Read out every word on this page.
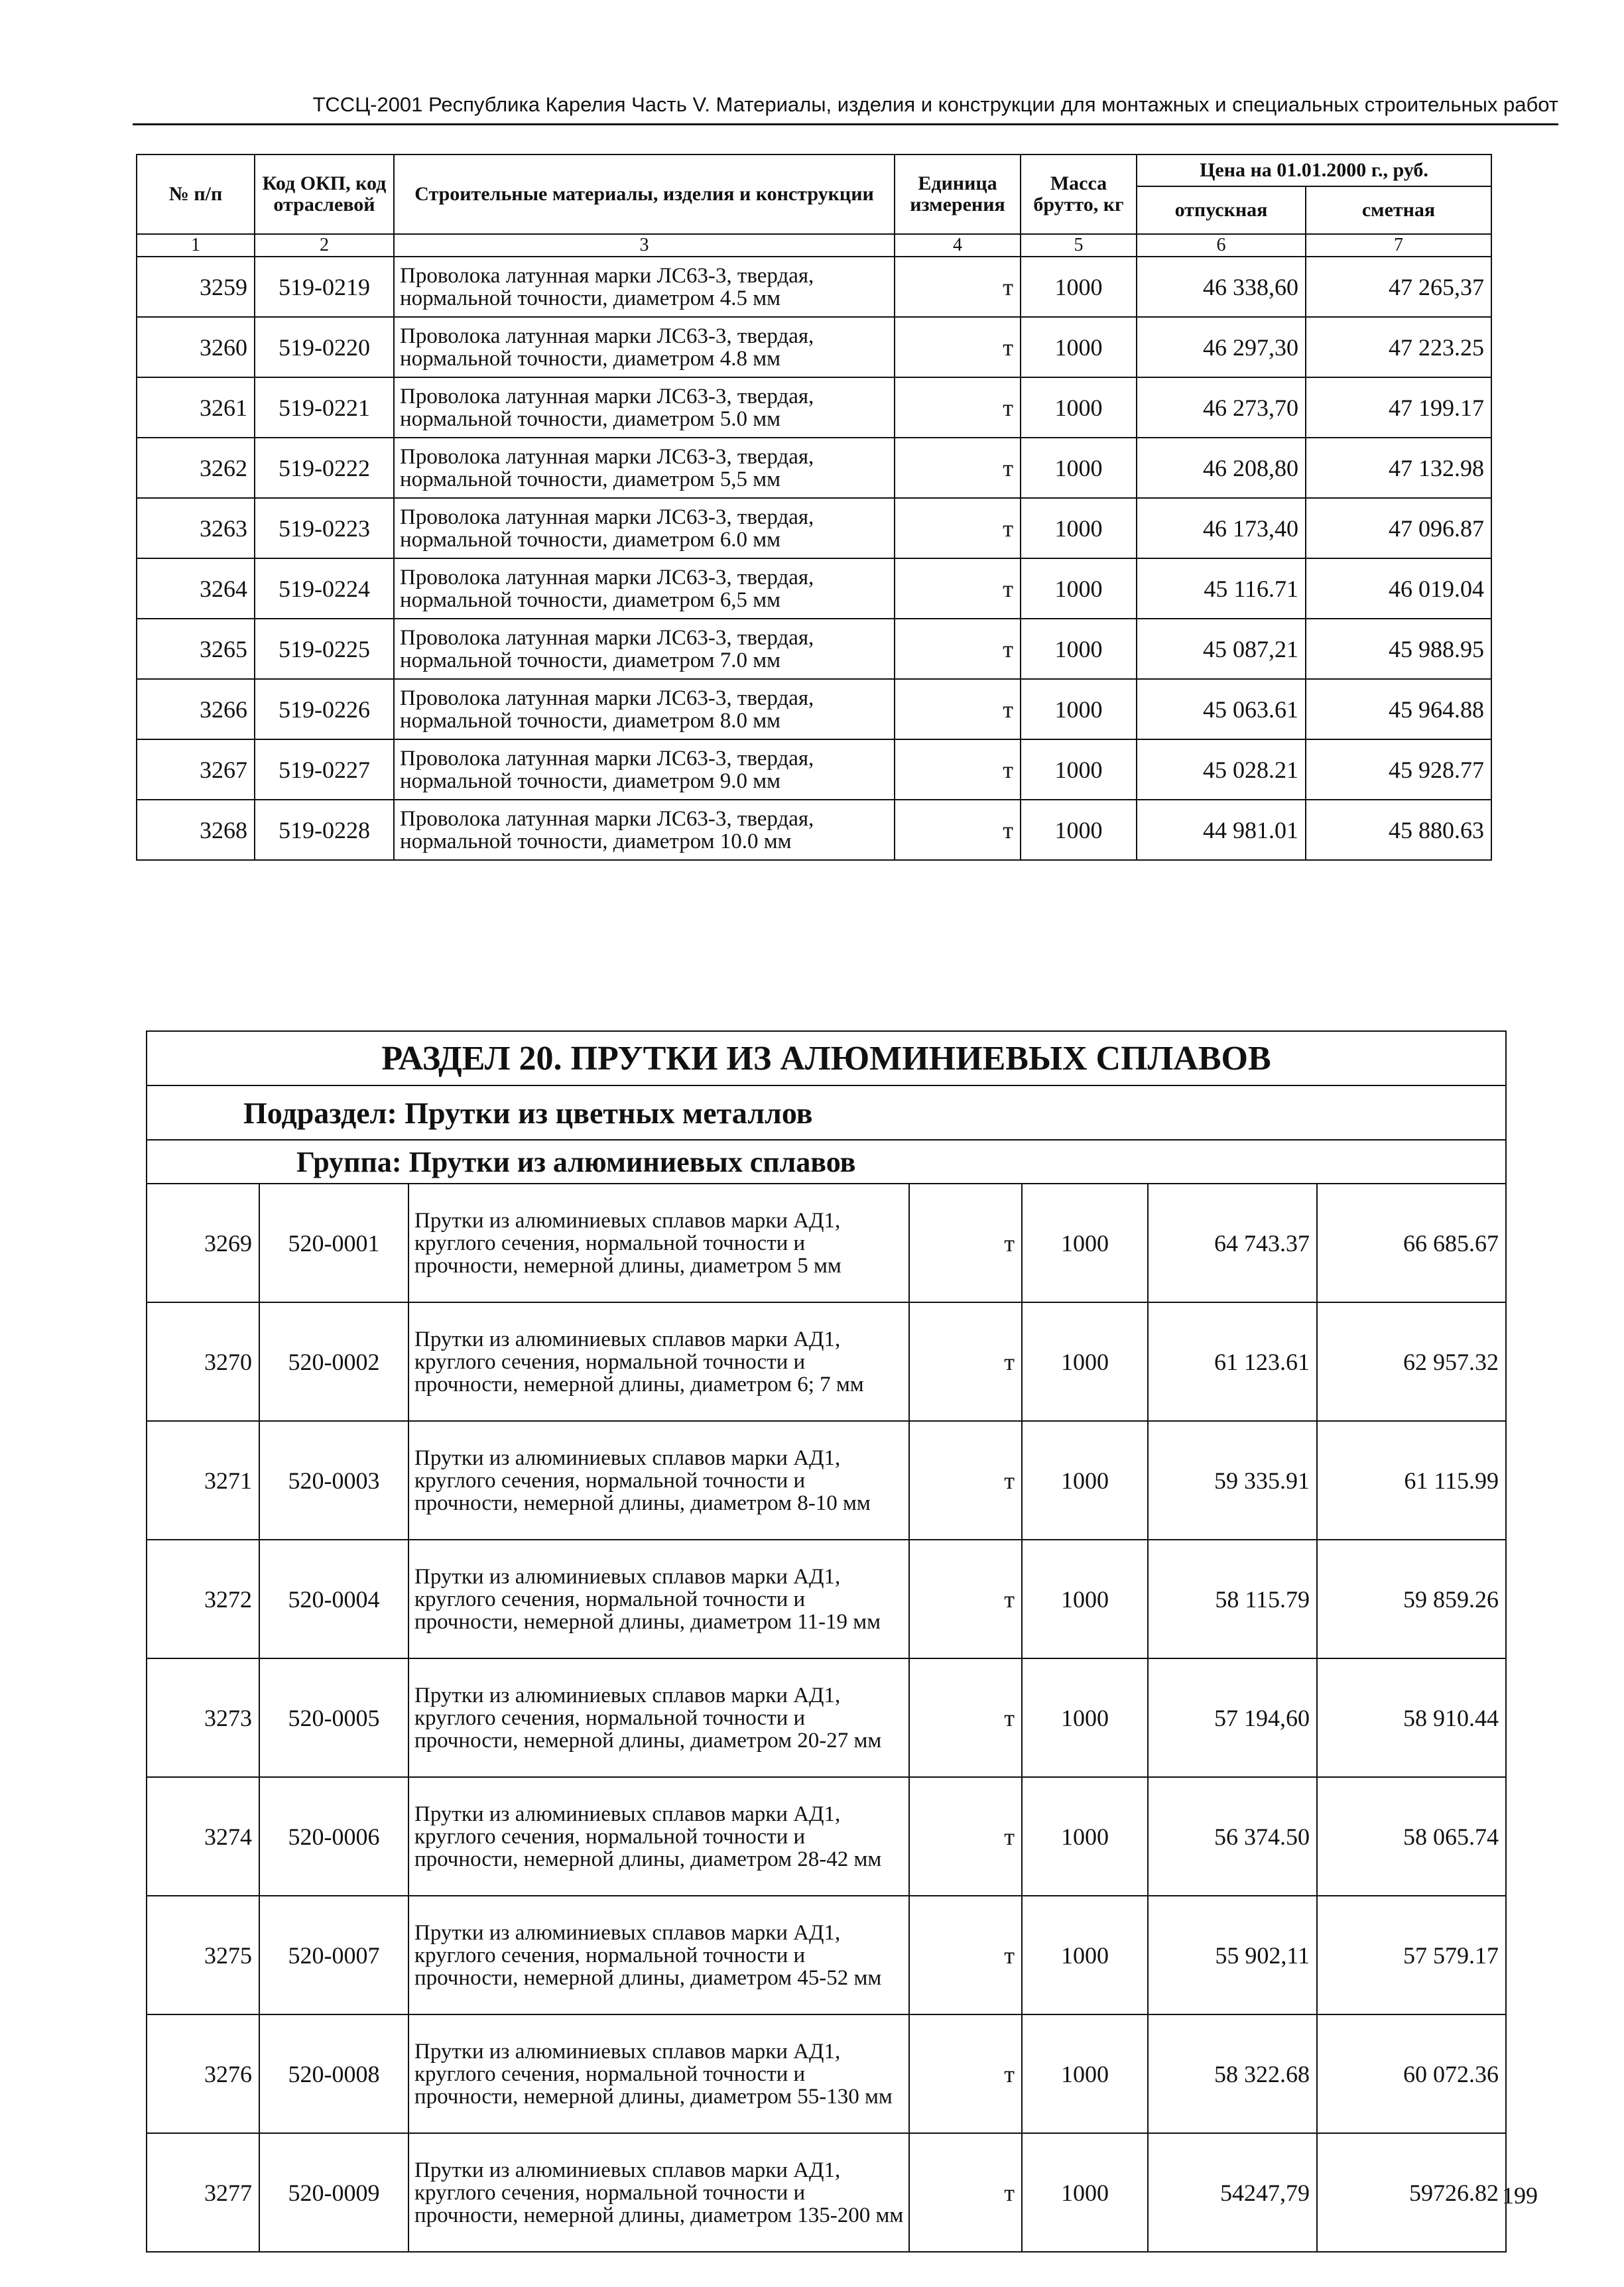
ТССЦ-2001 Республика Карелия Часть V. Материалы, изделия и конструкции для монтажных и специальных строительных работ
№ п/п	Код ОКП, код отраслевой	Строительные материалы, изделия и конструкции	Единица измерения	Масса брутто, кг	Цена на 01.01.2000 г., руб.	
					отпускная	сметная
1	2	3	4	5	6	7
3259	519-0219	Проволока латунная марки ЛС63-3, твердая, нормальной точности, диаметром 4.5 мм	т	1000	46 338,60	47 265,37
3260	519-0220	Проволока латунная марки ЛС63-3, твердая, нормальной точности, диаметром 4.8 мм	т	1000	46 297,30	47 223.25
3261	519-0221	Проволока латунная марки ЛС63-3, твердая, нормальной точности, диаметром 5.0 мм	т	1000	46 273,70	47 199.17
3262	519-0222	Проволока латунная марки ЛС63-3, твердая, нормальной точности, диаметром 5,5 мм	т	1000	46 208,80	47 132.98
3263	519-0223	Проволока латунная марки ЛС63-3, твердая, нормальной точности, диаметром 6.0 мм	т	1000	46 173,40	47 096.87
3264	519-0224	Проволока латунная марки ЛС63-3, твердая, нормальной точности, диаметром 6,5 мм	т	1000	45 116.71	46 019.04
3265	519-0225	Проволока латунная марки ЛС63-3, твердая, нормальной точности, диаметром 7.0 мм	т	1000	45 087,21	45 988.95
3266	519-0226	Проволока латунная марки ЛС63-3, твердая, нормальной точности, диаметром 8.0 мм	т	1000	45 063.61	45 964.88
3267	519-0227	Проволока латунная марки ЛС63-3, твердая, нормальной точности, диаметром 9.0 мм	т	1000	45 028.21	45 928.77
3268	519-0228	Проволока латунная марки ЛС63-3, твердая, нормальной точности, диаметром 10.0 мм	т	1000	44 981.01	45 880.63
РАЗДЕЛ 20. ПРУТКИ ИЗ АЛЮМИНИЕВЫХ СПЛАВОВ						
Подраздел: Прутки из цветных металлов						
Группа: Прутки из алюминиевых сплавов						
3269	520-0001	Прутки из алюминиевых сплавов марки АД1, круглого сечения, нормальной точности и прочности, немерной длины, диаметром 5 мм	т	1000	64 743.37	66 685.67
3270	520-0002	Прутки из алюминиевых сплавов марки АД1, круглого сечения, нормальной точности и прочности, немерной длины, диаметром 6; 7 мм	т	1000	61 123.61	62 957.32
3271	520-0003	Прутки из алюминиевых сплавов марки АД1, круглого сечения, нормальной точности и прочности, немерной длины, диаметром 8-10 мм	т	1000	59 335.91	61 115.99
3272	520-0004	Прутки из алюминиевых сплавов марки АД1, круглого сечения, нормальной точности и прочности, немерной длины, диаметром 11-19 мм	т	1000	58 115.79	59 859.26
3273	520-0005	Прутки из алюминиевых сплавов марки АД1, круглого сечения, нормальной точности и прочности, немерной длины, диаметром 20-27 мм	т	1000	57 194,60	58 910.44
3274	520-0006	Прутки из алюминиевых сплавов марки АД1, круглого сечения, нормальной точности и прочности, немерной длины, диаметром 28-42 мм	т	1000	56 374.50	58 065.74
3275	520-0007	Прутки из алюминиевых сплавов марки АД1, круглого сечения, нормальной точности и прочности, немерной длины, диаметром 45-52 мм	т	1000	55 902,11	57 579.17
3276	520-0008	Прутки из алюминиевых сплавов марки АД1, круглого сечения, нормальной точности и прочности, немерной длины, диаметром 55-130 мм	т	1000	58 322.68	60 072.36
3277	520-0009	Прутки из алюминиевых сплавов марки АД1, круглого сечения, нормальной точности и прочности, немерной длины, диаметром 135-200 мм	т	1000	54247,79	59726.82 199
